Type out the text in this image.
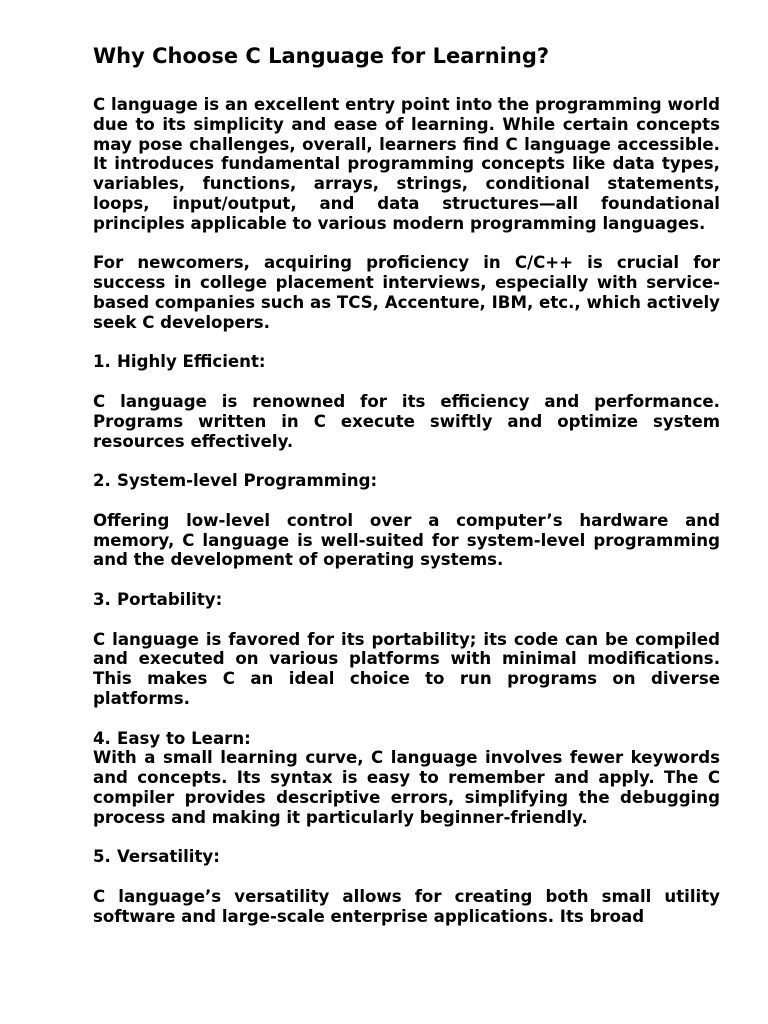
Why Choose C Language for Learning?

C language is an excellent entry point into the programming world due to its simplicity and ease of learning. While certain concepts may pose challenges, overall, learners find C language accessible. It introduces fundamental programming concepts like data types, variables, functions, arrays, strings, conditional statements, loops, input/output, and data structures—all foundational principles applicable to various modern programming languages.

For newcomers, acquiring proficiency in C/C++ is crucial for success in college placement interviews, especially with service-based companies such as TCS, Accenture, IBM, etc., which actively seek C developers.

1. Highly Efficient:

C language is renowned for its efficiency and performance. Programs written in C execute swiftly and optimize system resources effectively.

2. System-level Programming:

Offering low-level control over a computer’s hardware and memory, C language is well-suited for system-level programming and the development of operating systems.

3. Portability:

C language is favored for its portability; its code can be compiled and executed on various platforms with minimal modifications. This makes C an ideal choice to run programs on diverse platforms.

4. Easy to Learn:

With a small learning curve, C language involves fewer keywords and concepts. Its syntax is easy to remember and apply. The C compiler provides descriptive errors, simplifying the debugging process and making it particularly beginner-friendly.

5. Versatility:

C language’s versatility allows for creating both small utility software and large-scale enterprise applications. Its broad
